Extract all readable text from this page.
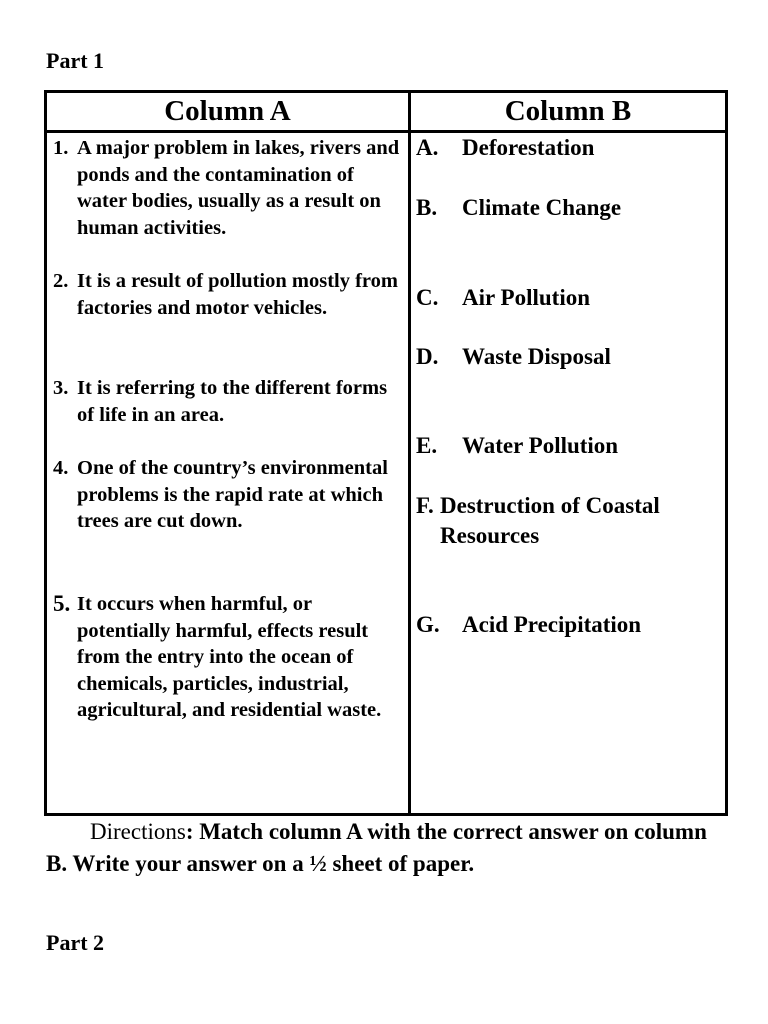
Part 1
Column A	Column B
1. A major problem in lakes, rivers and ponds and the contamination of water bodies, usually as a result on human activities.
2. It is a result of pollution mostly from factories and motor vehicles.
3. It is referring to the different forms of life in an area.
4. One of the country’s environmental problems is the rapid rate at which trees are cut down.
5. It occurs when harmful, or potentially harmful, effects result from the entry into the ocean of chemicals, particles, industrial, agricultural, and residential waste.
A.	Deforestation
B.	Climate Change
C.	Air Pollution
D.	Waste Disposal
E.	Water Pollution
F. Destruction of Coastal Resources
G. Acid Precipitation
Directions: Match column A with the correct answer on column B. Write your answer on a ½ sheet of paper.
Part 2
